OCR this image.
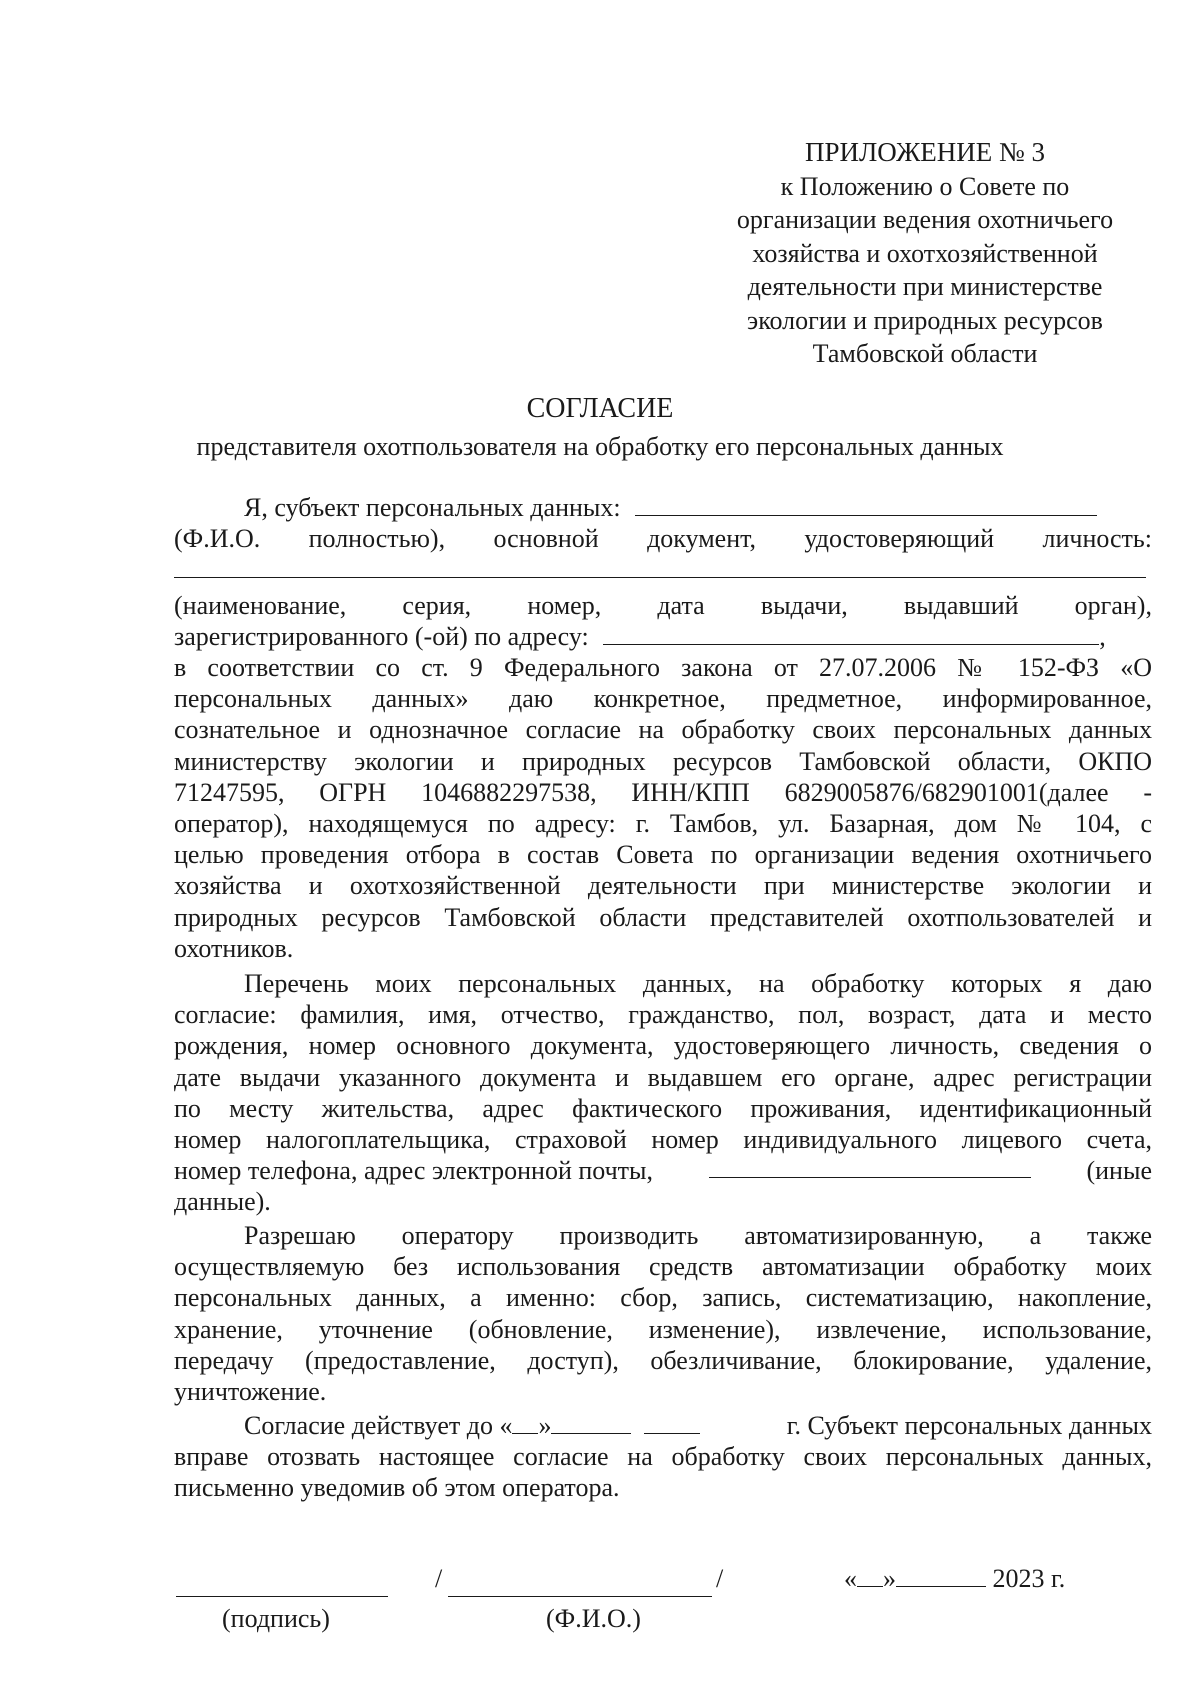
ПРИЛОЖЕНИЕ № 3
к Положению о Совете по
организации ведения охотничьего
хозяйства и охотхозяйственной
деятельности при министерстве
экологии и природных ресурсов
Тамбовской области
СОГЛАСИЕ
представителя охотпользователя на обработку его персональных данных
Я, субъект персональных данных:
(Ф.И.О. полностью), основной документ, удостоверяющий личность:
(наименование, серия, номер, дата выдачи, выдавший орган),
зарегистрированного (-ой) по адресу:	,
в соответствии со ст. 9 Федерального закона от 27.07.2006 № 152-ФЗ «О
персональных данных» даю конкретное, предметное, информированное,
сознательное и однозначное согласие на обработку своих персональных данных
министерству экологии и природных ресурсов Тамбовской области, ОКПО
71247595, ОГРН 1046882297538, ИНН/КПП 6829005876/682901001(далее -
оператор), находящемуся по адресу: г. Тамбов, ул. Базарная, дом № 104, с
целью проведения отбора в состав Совета по организации ведения охотничьего
хозяйства и охотхозяйственной деятельности при министерстве экологии и
природных ресурсов Тамбовской области представителей охотпользователей и
охотников.
Перечень моих персональных данных, на обработку которых я даю
согласие: фамилия, имя, отчество, гражданство, пол, возраст, дата и место
рождения, номер основного документа, удостоверяющего личность, сведения о
дате выдачи указанного документа и выдавшем его органе, адрес регистрации
по месту жительства, адрес фактического проживания, идентификационный
номер налогоплательщика, страховой номер индивидуального лицевого счета,
номер телефона, адрес электронной почты,	(иные
данные).
Разрешаю оператору производить автоматизированную, а также
осуществляемую без использования средств автоматизации обработку моих
персональных данных, а именно: сбор, запись, систематизацию, накопление,
хранение, уточнение (обновление, изменение), извлечение, использование,
передачу (предоставление, доступ), обезличивание, блокирование, удаление,
уничтожение.
Согласие действует до « »	г. Субъект персональных данных
вправе отозвать настоящее согласие на обработку своих персональных данных,
письменно уведомив об этом оператора.
/	/	« »	2023 г.
(подпись)	(Ф.И.О.)
